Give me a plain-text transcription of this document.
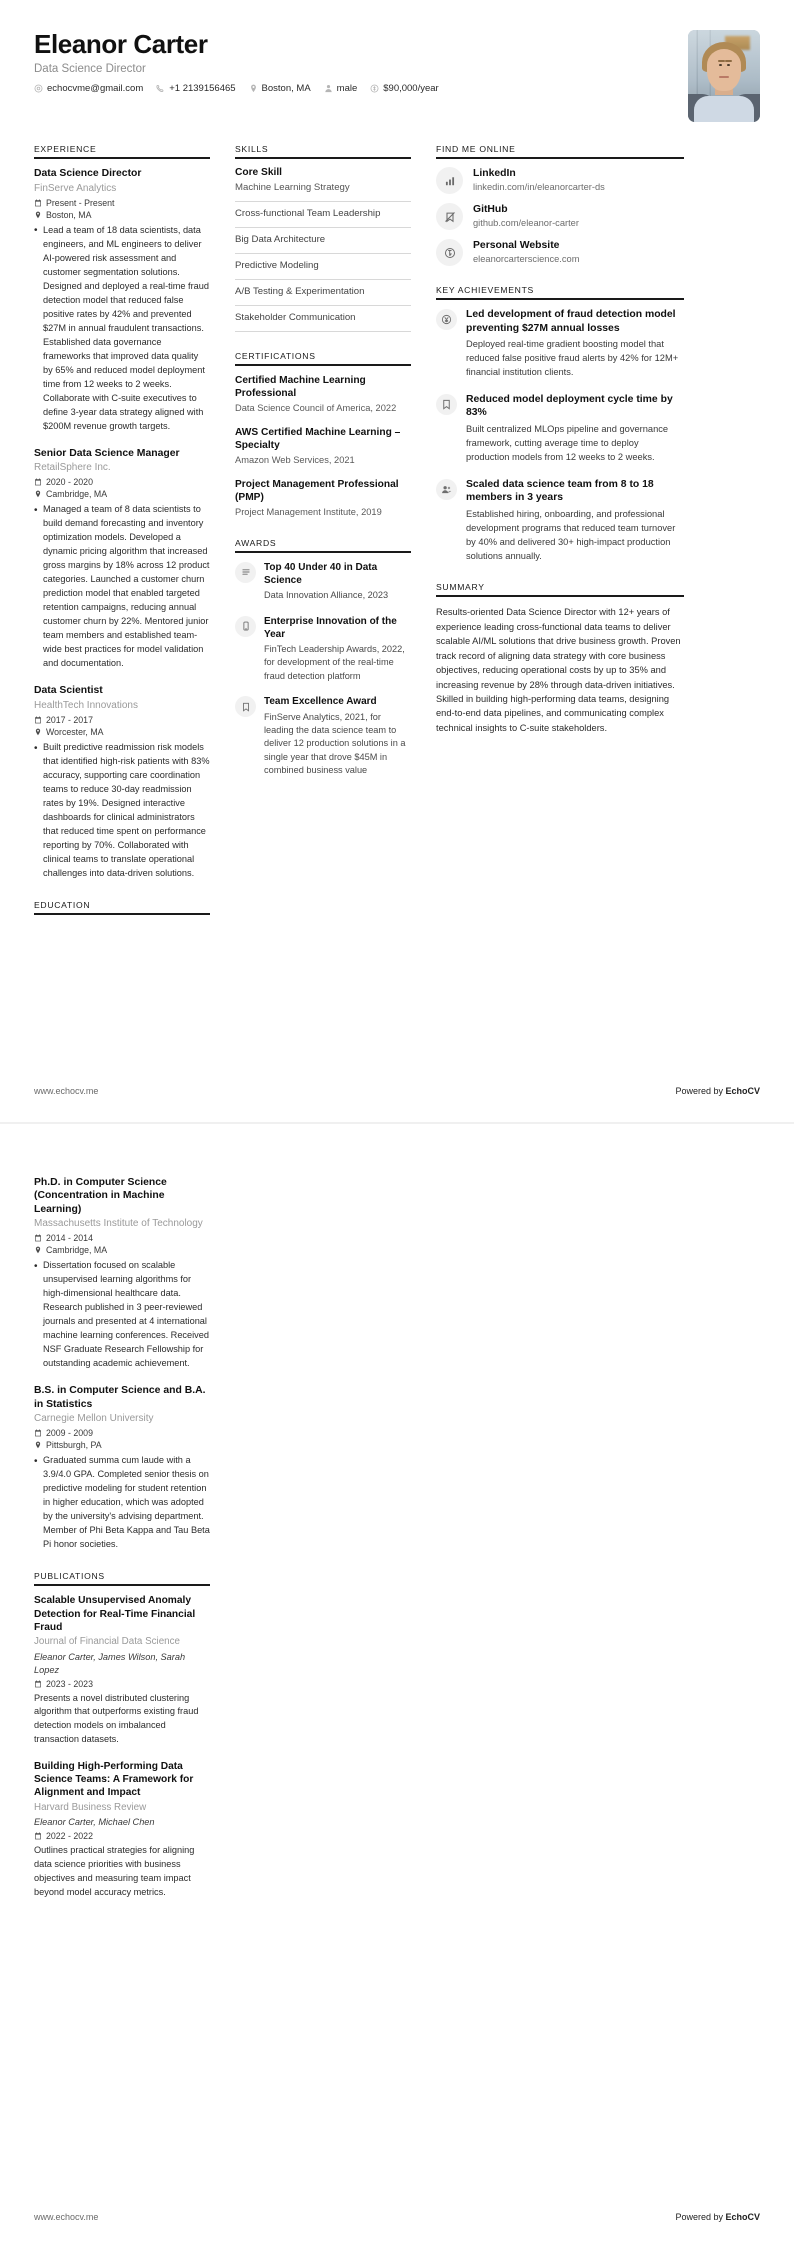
Eleanor Carter
Data Science Director
echocvme@gmail.com	+1 2139156465	Boston, MA	male	$90,000/year
EXPERIENCE
Data Science Director
FinServe Analytics
Present - Present
Boston, MA
• Lead a team of 18 data scientists, data engineers, and ML engineers to deliver AI-powered risk assessment and customer segmentation solutions. Designed and deployed a real-time fraud detection model that reduced false positive rates by 42% and prevented $27M in annual fraudulent transactions. Established data governance frameworks that improved data quality by 65% and reduced model deployment time from 12 weeks to 2 weeks. Collaborate with C-suite executives to define 3-year data strategy aligned with $200M revenue growth targets.
Senior Data Science Manager
RetailSphere Inc.
2020 - 2020
Cambridge, MA
• Managed a team of 8 data scientists to build demand forecasting and inventory optimization models. Developed a dynamic pricing algorithm that increased gross margins by 18% across 12 product categories. Launched a customer churn prediction model that enabled targeted retention campaigns, reducing annual customer churn by 22%. Mentored junior team members and established team-wide best practices for model validation and documentation.
Data Scientist
HealthTech Innovations
2017 - 2017
Worcester, MA
• Built predictive readmission risk models that identified high-risk patients with 83% accuracy, supporting care coordination teams to reduce 30-day readmission rates by 19%. Designed interactive dashboards for clinical administrators that reduced time spent on performance reporting by 70%. Collaborated with clinical teams to translate operational challenges into data-driven solutions.
EDUCATION
SKILLS
Core Skill
Machine Learning Strategy
Cross-functional Team Leadership
Big Data Architecture
Predictive Modeling
A/B Testing & Experimentation
Stakeholder Communication
CERTIFICATIONS
Certified Machine Learning Professional
Data Science Council of America, 2022
AWS Certified Machine Learning – Specialty
Amazon Web Services, 2021
Project Management Professional (PMP)
Project Management Institute, 2019
AWARDS
Top 40 Under 40 in Data Science
Data Innovation Alliance, 2023
Enterprise Innovation of the Year
FinTech Leadership Awards, 2022, for development of the real-time fraud detection platform
Team Excellence Award
FinServe Analytics, 2021, for leading the data science team to deliver 12 production solutions in a single year that drove $45M in combined business value
FIND ME ONLINE
LinkedIn
linkedin.com/in/eleanorcarter-ds
GitHub
github.com/eleanor-carter
Personal Website
eleanorcarterscience.com
KEY ACHIEVEMENTS
Led development of fraud detection model preventing $27M annual losses
Deployed real-time gradient boosting model that reduced false positive fraud alerts by 42% for 12M+ financial institution clients.
Reduced model deployment cycle time by 83%
Built centralized MLOps pipeline and governance framework, cutting average time to deploy production models from 12 weeks to 2 weeks.
Scaled data science team from 8 to 18 members in 3 years
Established hiring, onboarding, and professional development programs that reduced team turnover by 40% and delivered 30+ high-impact production solutions annually.
SUMMARY
Results-oriented Data Science Director with 12+ years of experience leading cross-functional data teams to deliver scalable AI/ML solutions that drive business growth. Proven track record of aligning data strategy with core business objectives, reducing operational costs by up to 35% and increasing revenue by 28% through data-driven initiatives. Skilled in building high-performing data teams, designing end-to-end data pipelines, and communicating complex technical insights to C-suite stakeholders.
www.echocv.me	Powered by EchoCV
Ph.D. in Computer Science (Concentration in Machine Learning)
Massachusetts Institute of Technology
2014 - 2014
Cambridge, MA
• Dissertation focused on scalable unsupervised learning algorithms for high-dimensional healthcare data. Research published in 3 peer-reviewed journals and presented at 4 international machine learning conferences. Received NSF Graduate Research Fellowship for outstanding academic achievement.
B.S. in Computer Science and B.A. in Statistics
Carnegie Mellon University
2009 - 2009
Pittsburgh, PA
• Graduated summa cum laude with a 3.9/4.0 GPA. Completed senior thesis on predictive modeling for student retention in higher education, which was adopted by the university's advising department. Member of Phi Beta Kappa and Tau Beta Pi honor societies.
PUBLICATIONS
Scalable Unsupervised Anomaly Detection for Real-Time Financial Fraud
Journal of Financial Data Science
Eleanor Carter, James Wilson, Sarah Lopez
2023 - 2023
Presents a novel distributed clustering algorithm that outperforms existing fraud detection models on imbalanced transaction datasets.
Building High-Performing Data Science Teams: A Framework for Alignment and Impact
Harvard Business Review
Eleanor Carter, Michael Chen
2022 - 2022
Outlines practical strategies for aligning data science priorities with business objectives and measuring team impact beyond model accuracy metrics.
www.echocv.me	Powered by EchoCV
